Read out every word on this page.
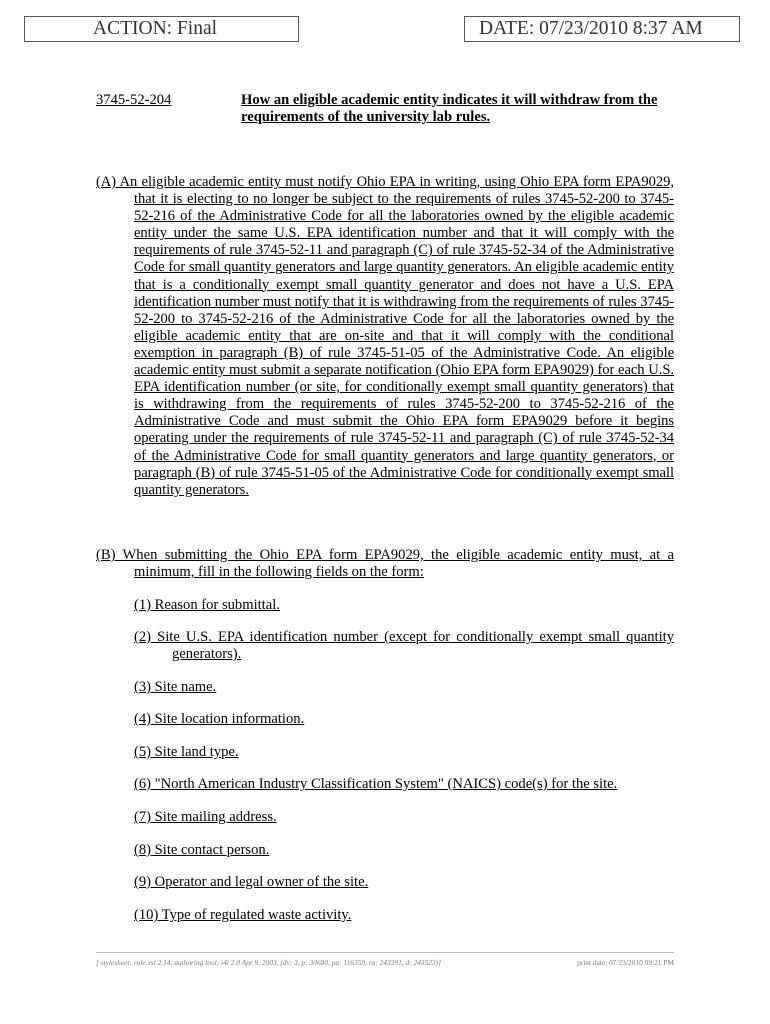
ACTION: Final	DATE: 07/23/2010 8:37 AM
3745-52-204	How an eligible academic entity indicates it will withdraw from the requirements of the university lab rules.
(A) An eligible academic entity must notify Ohio EPA in writing, using Ohio EPA form EPA9029, that it is electing to no longer be subject to the requirements of rules 3745-52-200 to 3745-52-216 of the Administrative Code for all the laboratories owned by the eligible academic entity under the same U.S. EPA identification number and that it will comply with the requirements of rule 3745-52-11 and paragraph (C) of rule 3745-52-34 of the Administrative Code for small quantity generators and large quantity generators. An eligible academic entity that is a conditionally exempt small quantity generator and does not have a U.S. EPA identification number must notify that it is withdrawing from the requirements of rules 3745-52-200 to 3745-52-216 of the Administrative Code for all the laboratories owned by the eligible academic entity that are on-site and that it will comply with the conditional exemption in paragraph (B) of rule 3745-51-05 of the Administrative Code. An eligible academic entity must submit a separate notification (Ohio EPA form EPA9029) for each U.S. EPA identification number (or site, for conditionally exempt small quantity generators) that is withdrawing from the requirements of rules 3745-52-200 to 3745-52-216 of the Administrative Code and must submit the Ohio EPA form EPA9029 before it begins operating under the requirements of rule 3745-52-11 and paragraph (C) of rule 3745-52-34 of the Administrative Code for small quantity generators and large quantity generators, or paragraph (B) of rule 3745-51-05 of the Administrative Code for conditionally exempt small quantity generators.
(B) When submitting the Ohio EPA form EPA9029, the eligible academic entity must, at a minimum, fill in the following fields on the form:
(1) Reason for submittal.
(2) Site U.S. EPA identification number (except for conditionally exempt small quantity generators).
(3) Site name.
(4) Site location information.
(5) Site land type.
(6) "North American Industry Classification System" (NAICS) code(s) for the site.
(7) Site mailing address.
(8) Site contact person.
(9) Operator and legal owner of the site.
(10) Type of regulated waste activity.
[ stylesheet: rule.xsl 2.14, authoring tool: i4i 2.0 Apr 9, 2003, (dv: 3, p: 30680, pa: 116359, ra: 243391, d: 243523)]	print date: 07/23/2010 09:21 PM
